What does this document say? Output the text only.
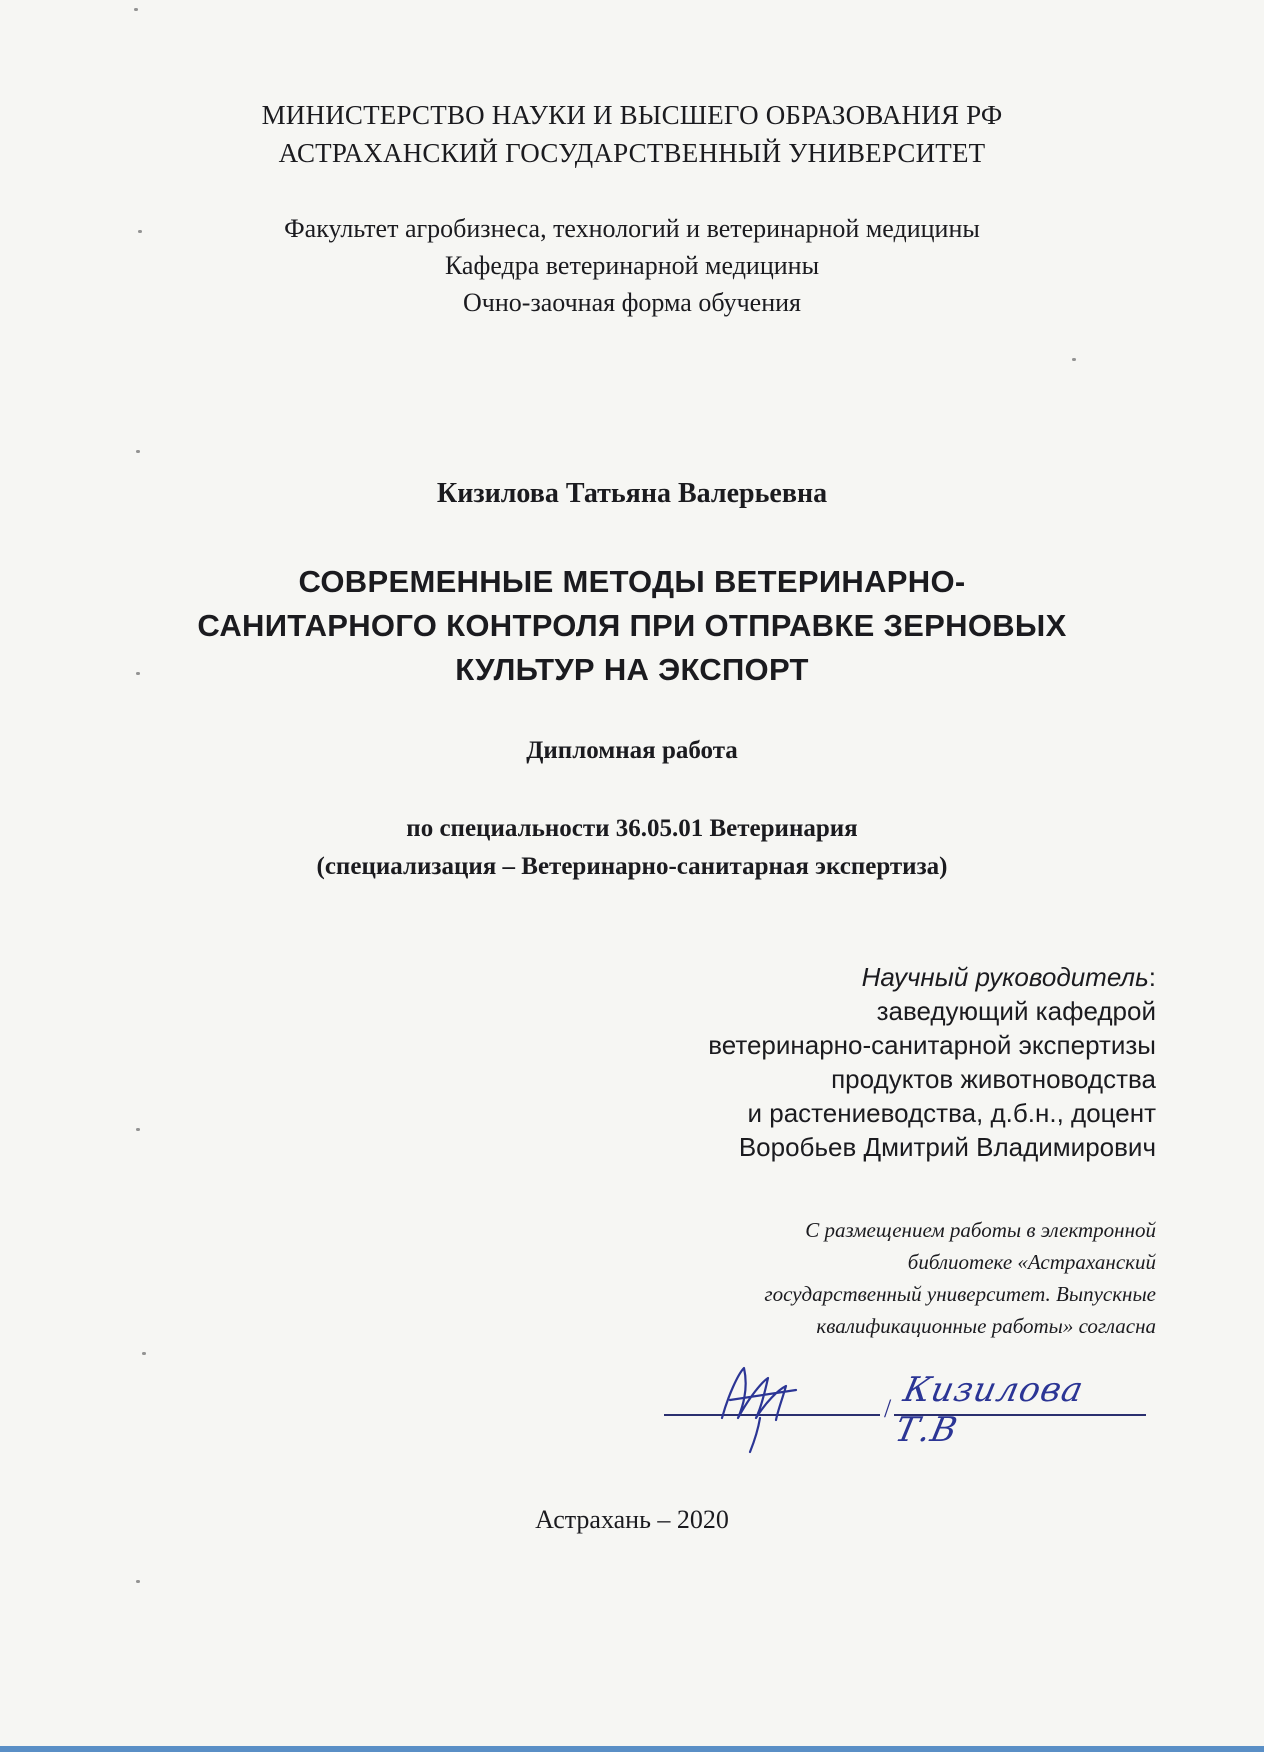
МИНИСТЕРСТВО НАУКИ И ВЫСШЕГО ОБРАЗОВАНИЯ РФ
АСТРАХАНСКИЙ ГОСУДАРСТВЕННЫЙ УНИВЕРСИТЕТ
Факультет агробизнеса, технологий и ветеринарной медицины
Кафедра ветеринарной медицины
Очно-заочная форма обучения
Кизилова Татьяна Валерьевна
СОВРЕМЕННЫЕ МЕТОДЫ ВЕТЕРИНАРНО-
САНИТАРНОГО КОНТРОЛЯ ПРИ ОТПРАВКЕ ЗЕРНОВЫХ
КУЛЬТУР НА ЭКСПОРТ
Дипломная работа
по специальности 36.05.01 Ветеринария
(специализация – Ветеринарно-санитарная экспертиза)
Научный руководитель:
заведующий кафедрой
ветеринарно-санитарной экспертизы
продуктов животноводства
и растениеводства, д.б.н., доцент
Воробьев Дмитрий Владимирович
С размещением работы в электронной
библиотеке «Астраханский
государственный университет. Выпускные
квалификационные работы» согласна
/ Кизилова Т.В
Астрахань – 2020
